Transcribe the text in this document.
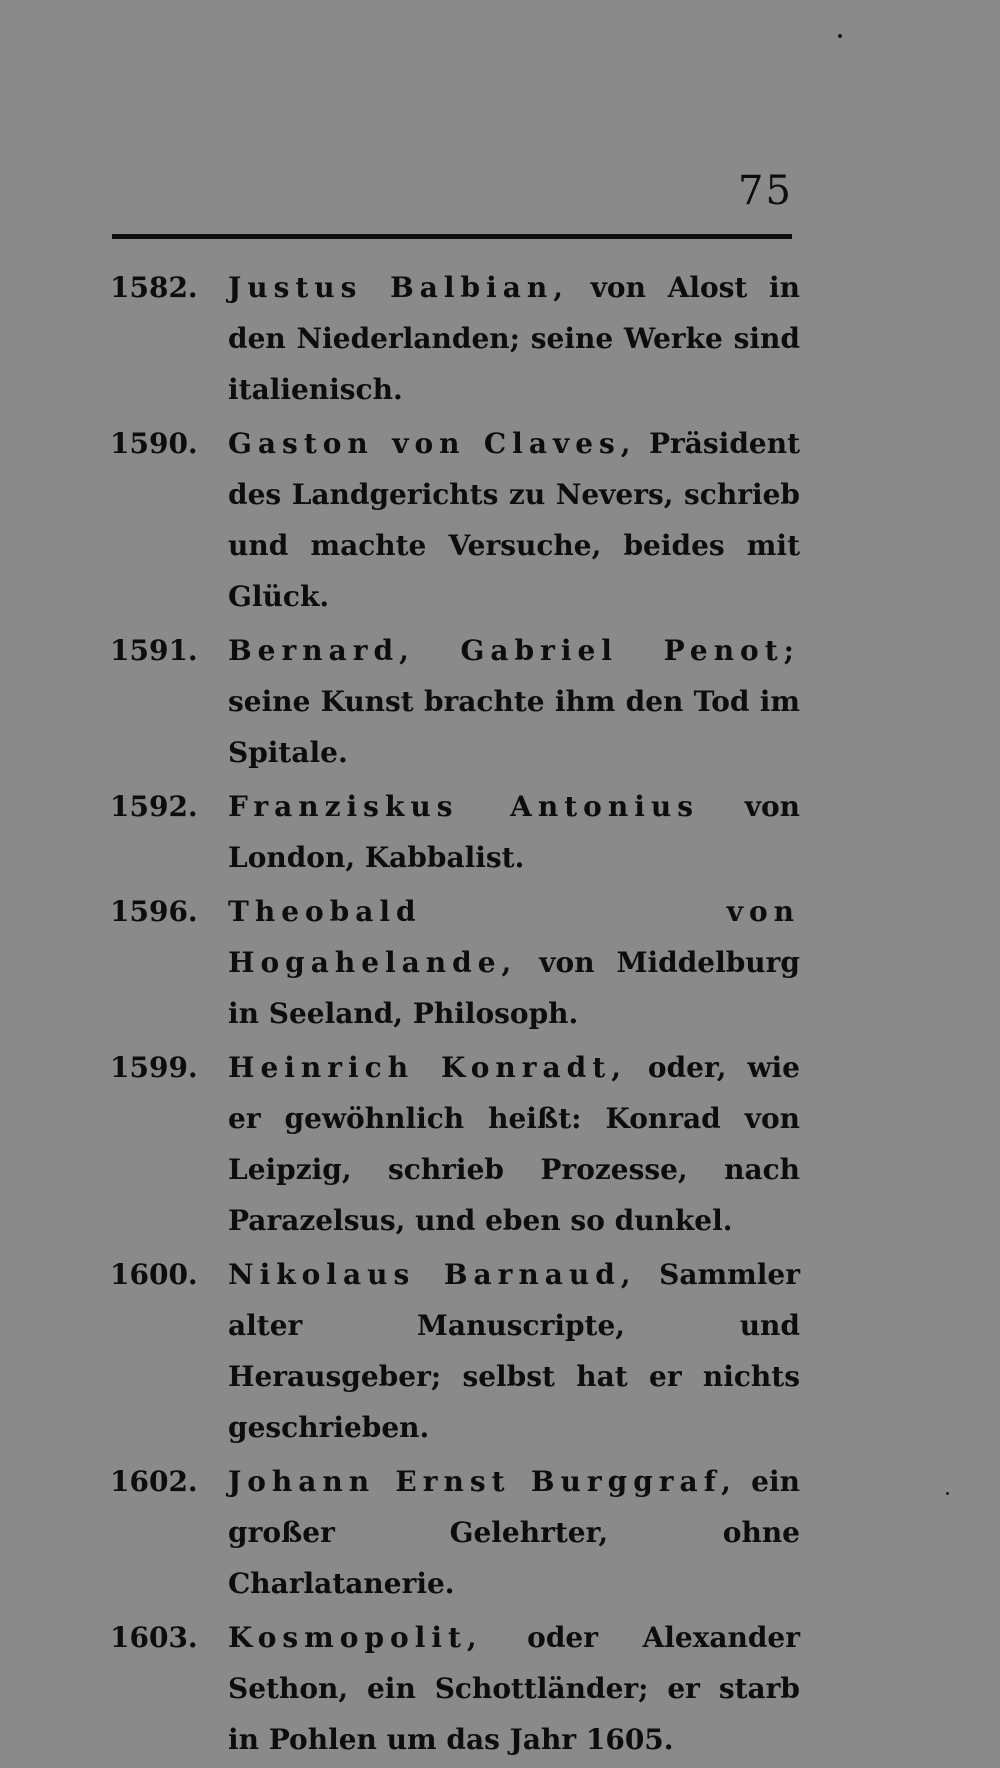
75
1582. Justus Balbian, von Alost in den Niederlanden; seine Werke sind italienisch.
1590. Gaston von Claves, Präsident des Landgerichts zu Nevers, schrieb und machte Versuche, beides mit Glück.
1591. Bernard, Gabriel Penot; seine Kunst brachte ihm den Tod im Spitale.
1592. Franziskus Antonius von London, Kabbalist.
1596. Theobald von Hogahelande, von Middelburg in Seeland, Philosoph.
1599. Heinrich Konradt, oder, wie er gewöhnlich heißt: Konrad von Leipzig, schrieb Prozesse, nach Parazelsus, und eben so dunkel.
1600. Nikolaus Barnaud, Sammler alter Manuscripte, und Herausgeber; selbst hat er nichts geschrieben.
1602. Johann Ernst Burggraf, ein großer Gelehrter, ohne Charlatanerie.
1603. Kosmopolit, oder Alexander Sethon, ein Schottländer; er starb in Pohlen um das Jahr 1605.
